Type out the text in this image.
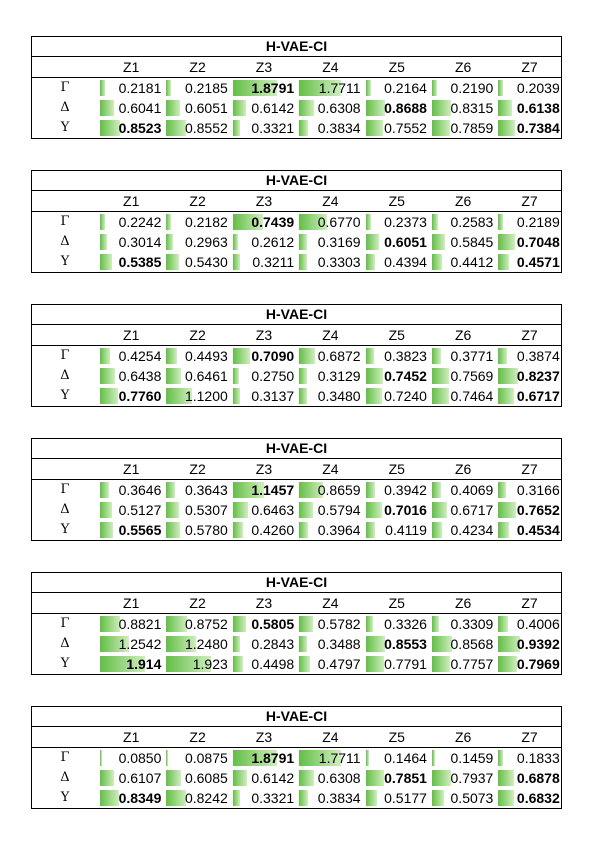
H-VAE-CI
Z1	Z2	Z3	Z4	Z5	Z6	Z7
Γ	0.2181	0.2185	1.8791	1.7711	0.2164	0.2190	0.2039
Δ	0.6041	0.6051	0.6142	0.6308	0.8688	0.8315	0.6138
Υ	0.8523	0.8552	0.3321	0.3834	0.7552	0.7859	0.7384
H-VAE-CI
Z1	Z2	Z3	Z4	Z5	Z6	Z7
Γ	0.2242	0.2182	0.7439	0.6770	0.2373	0.2583	0.2189
Δ	0.3014	0.2963	0.2612	0.3169	0.6051	0.5845	0.7048
Υ	0.5385	0.5430	0.3211	0.3303	0.4394	0.4412	0.4571
H-VAE-CI
Z1	Z2	Z3	Z4	Z5	Z6	Z7
Γ	0.4254	0.4493	0.7090	0.6872	0.3823	0.3771	0.3874
Δ	0.6438	0.6461	0.2750	0.3129	0.7452	0.7569	0.8237
Υ	0.7760	1.1200	0.3137	0.3480	0.7240	0.7464	0.6717
H-VAE-CI
Z1	Z2	Z3	Z4	Z5	Z6	Z7
Γ	0.3646	0.3643	1.1457	0.8659	0.3942	0.4069	0.3166
Δ	0.5127	0.5307	0.6463	0.5794	0.7016	0.6717	0.7652
Υ	0.5565	0.5780	0.4260	0.3964	0.4119	0.4234	0.4534
H-VAE-CI
Z1	Z2	Z3	Z4	Z5	Z6	Z7
Γ	0.8821	0.8752	0.5805	0.5782	0.3326	0.3309	0.4006
Δ	1.2542	1.2480	0.2843	0.3488	0.8553	0.8568	0.9392
Υ	1.914	1.923	0.4498	0.4797	0.7791	0.7757	0.7969
H-VAE-CI
Z1	Z2	Z3	Z4	Z5	Z6	Z7
Γ	0.0850	0.0875	1.8791	1.7711	0.1464	0.1459	0.1833
Δ	0.6107	0.6085	0.6142	0.6308	0.7851	0.7937	0.6878
Υ	0.8349	0.8242	0.3321	0.3834	0.5177	0.5073	0.6832
